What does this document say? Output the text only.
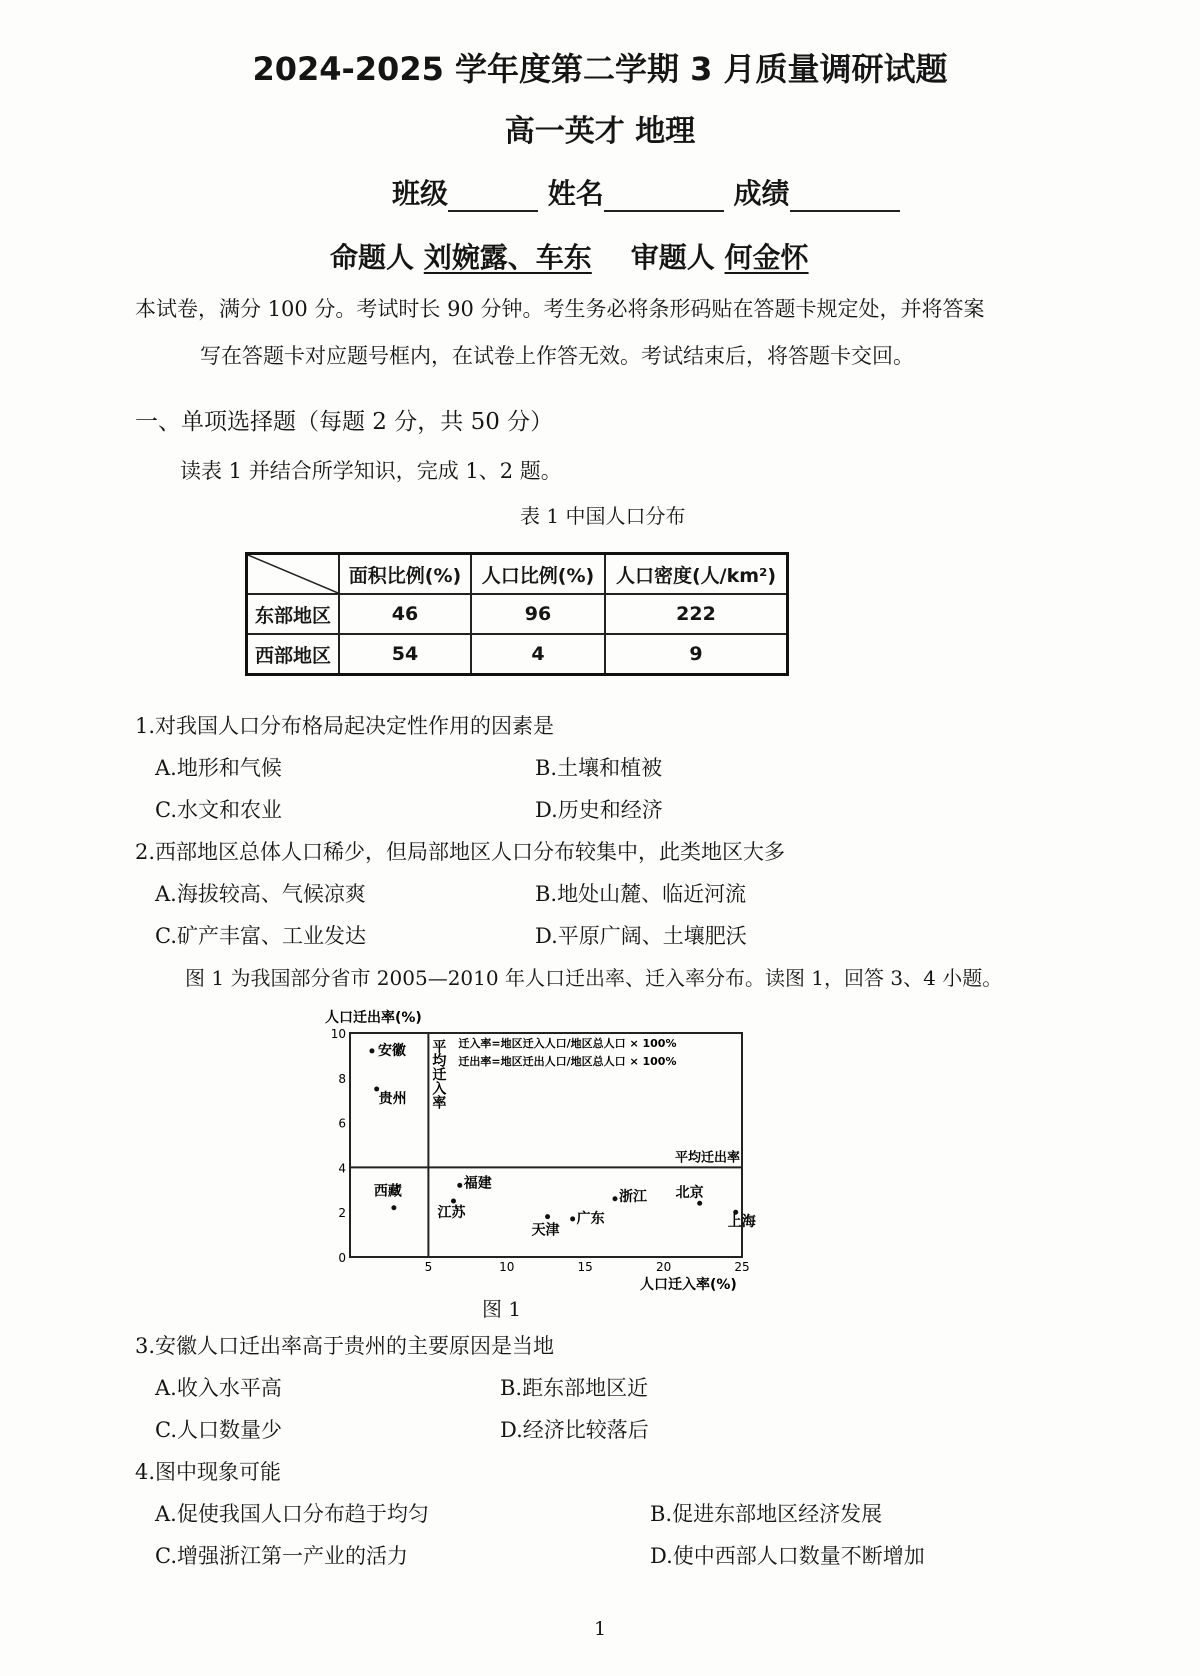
2024-2025 学年度第二学期 3 月质量调研试题
高一英才 地理
班级	姓名	成绩
命题人 刘婉露、车东 审题人 何金怀
本试卷，满分 100 分。考试时长 90 分钟。考生务必将条形码贴在答题卡规定处，并将答案
写在答题卡对应题号框内，在试卷上作答无效。考试结束后，将答题卡交回。
一、单项选择题（每题 2 分，共 50 分）
读表 1 并结合所学知识，完成 1、2 题。
表 1 中国人口分布
	面积比例(%)	人口比例(%)	人口密度(人/km²)
东部地区	46	96	222
西部地区	54	4	9
1.对我国人口分布格局起决定性作用的因素是
A.地形和气候	B.土壤和植被
C.水文和农业	D.历史和经济
2.西部地区总体人口稀少，但局部地区人口分布较集中，此类地区大多
A.海拔较高、气候凉爽	B.地处山麓、临近河流
C.矿产丰富、工业发达	D.平原广阔、土壤肥沃
图 1 为我国部分省市 2005—2010 年人口迁出率、迁入率分布。读图 1，回答 3、4 小题。
人口迁出率(%)
人口迁入率(%)
平均迁入率
平均迁出率
迁入率=地区迁入人口/地区总人口 × 100%
迁出率=地区迁出人口/地区总人口 × 100%
0
2
4
6
8
10
5	10	15	20	25
安徽
贵州
西藏
福建
江苏
天津
广东
浙江 北京
上海
图 1
3.安徽人口迁出率高于贵州的主要原因是当地
A.收入水平高	B.距东部地区近
C.人口数量少	D.经济比较落后
4.图中现象可能
A.促使我国人口分布趋于均匀	B.促进东部地区经济发展
C.增强浙江第一产业的活力	D.使中西部人口数量不断增加
1
